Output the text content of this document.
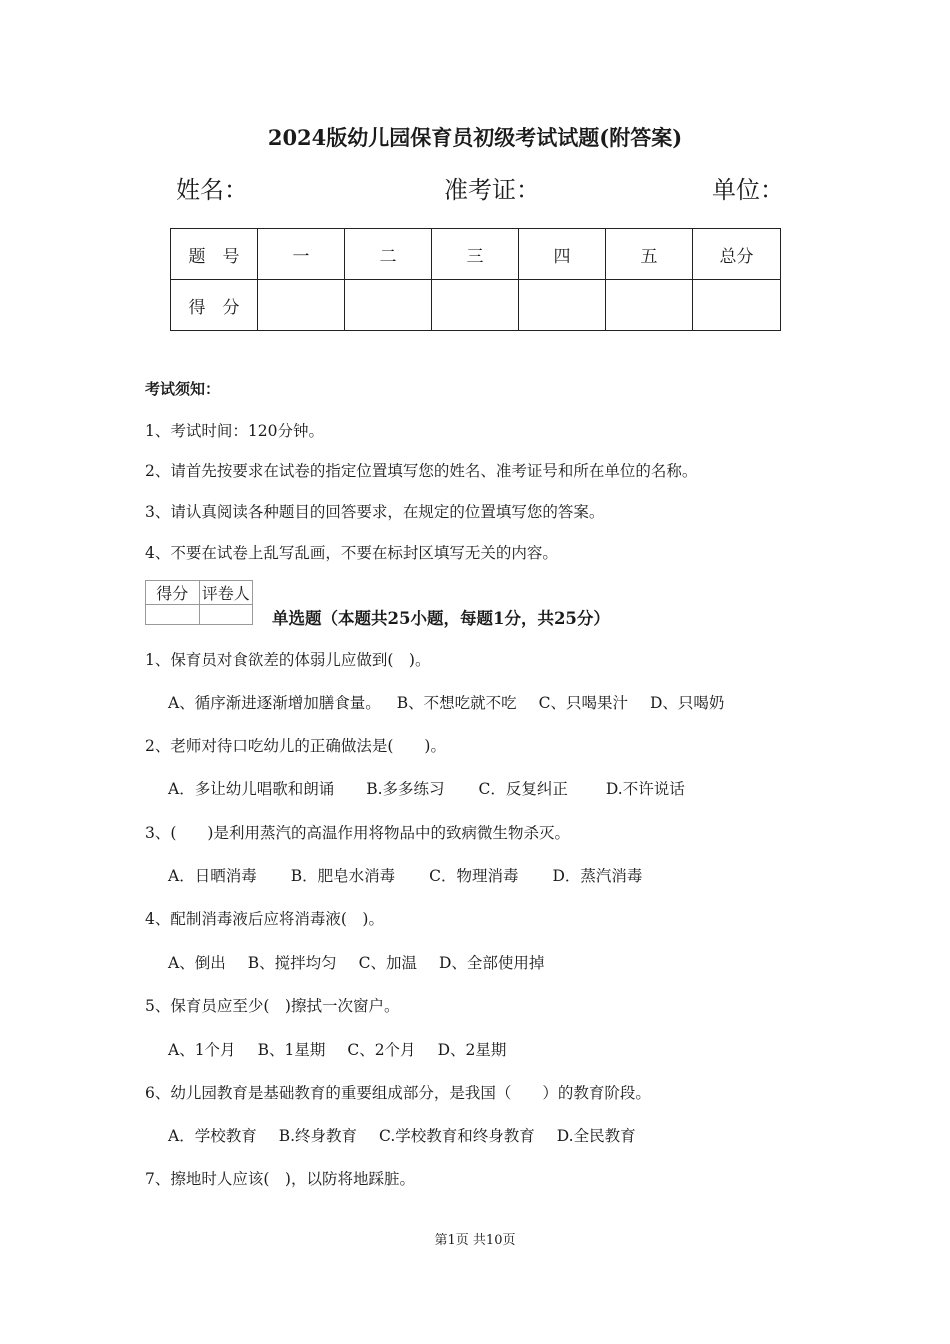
2024版幼儿园保育员初级考试试题(附答案)
姓名：	准考证：	单位：
题　号	一	二	三	四	五	总分
得　分						
考试须知：
1、考试时间：120分钟。
2、请首先按要求在试卷的指定位置填写您的姓名、准考证号和所在单位的名称。
3、请认真阅读各种题目的回答要求，在规定的位置填写您的答案。
4、不要在试卷上乱写乱画，不要在标封区填写无关的内容。
得分	评卷人

单选题（本题共25小题，每题1分，共25分）
1、保育员对食欲差的体弱儿应做到(　)。
A、循序渐进逐渐增加膳食量。 B、不想吃就不吃 C、只喝果汁 D、只喝奶
2、老师对待口吃幼儿的正确做法是(　　)。
A．多让幼儿唱歌和朗诵 B.多多练习 C．反复纠正 D.不许说话
3、(　　)是利用蒸汽的高温作用将物品中的致病微生物杀灭。
A．日晒消毒 B．肥皂水消毒 C．物理消毒 D．蒸汽消毒
4、配制消毒液后应将消毒液(　)。
A、倒出 B、搅拌均匀 C、加温 D、全部使用掉
5、保育员应至少(　)擦拭一次窗户。
A、1个月 B、1星期 C、2个月 D、2星期
6、幼儿园教育是基础教育的重要组成部分，是我国（　　）的教育阶段。
A．学校教育 B.终身教育 C.学校教育和终身教育 D.全民教育
7、擦地时人应该(　)，以防将地踩脏。
第1页 共10页
